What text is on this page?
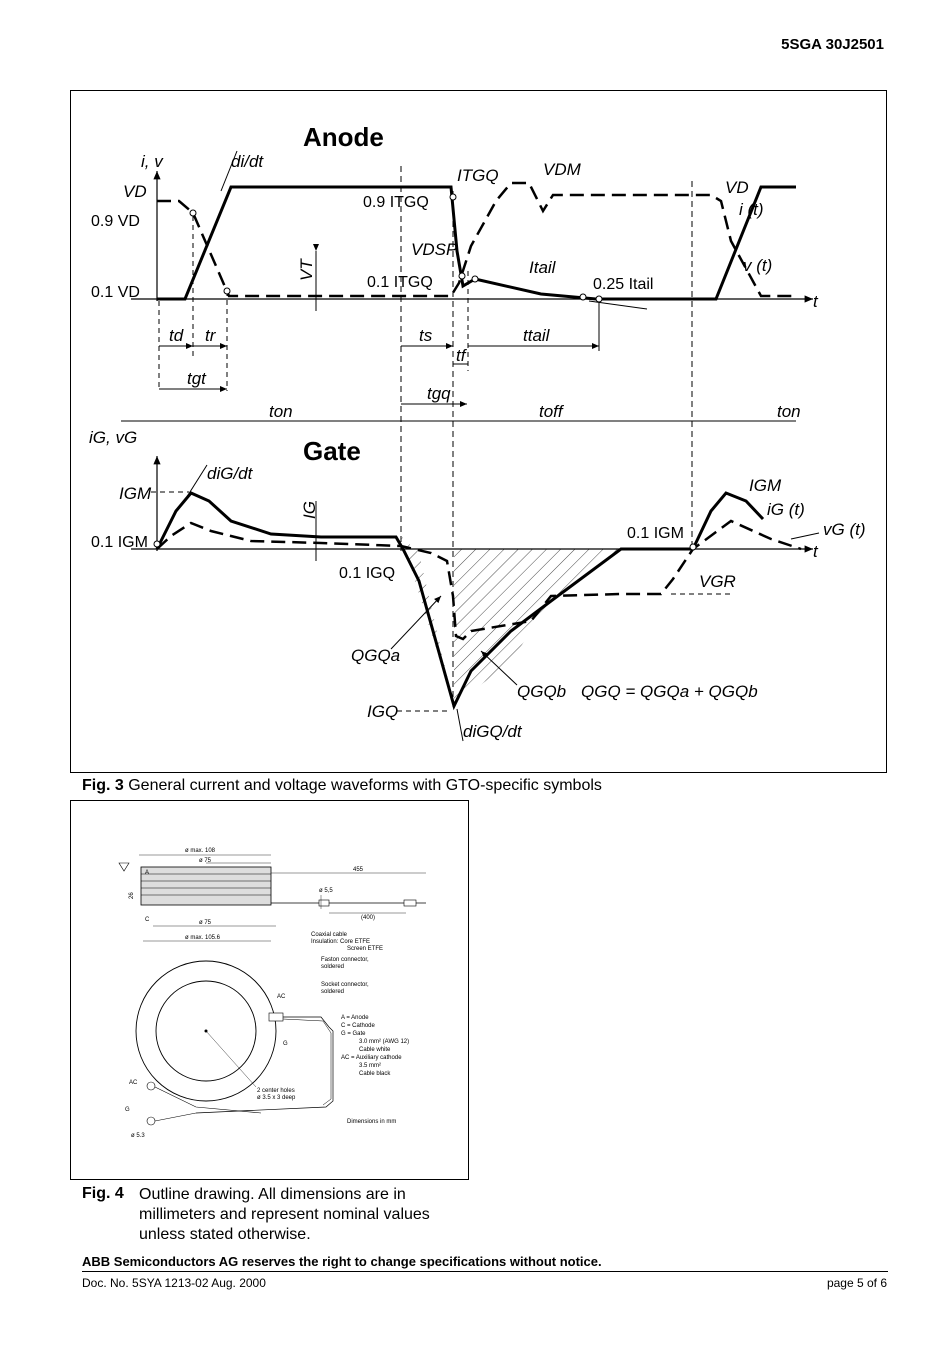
5SGA 30J2501
Anode
Gate
i, v
t
di/dt
VD
0.9 VD
0.1 VD
VT
ITGQ	VDM
0.9 ITGQ
VDSP
0.1 ITGQ
Itail
0.25 Itail
VD
i (t)
v (t)
td tr	ts	ttail
tf
tgt
tgq
ton	toff	ton
iG, vG
t
diG/dt
IGM
0.1 IGM
IG
0.1 IGQ
QGQa
QGQb QGQ = QGQa + QGQb
IGQ
diGQ/dt
VGR
0.1 IGM
IGM
iG (t)
vG (t)
Fig. 3 General current and voltage waveforms with GTO-specific symbols
ø max. 108
ø 75
455
ø 5,5
(400)
26
A
C	ø 75
ø max. 105.6	Coaxial cable
Insulation: Core ETFE
Screen ETFE
Faston connector,
soldered
Socket connector,
soldered
AC
G
AC
G
ø 5.3
2 center holes
ø 3.5 x 3 deep
Dimensions in mm
A = Anode
C = Cathode
G = Gate
3.0 mm² (AWG 12)
Cable white
AC = Auxiliary cathode
3.5 mm²
Cable black
Fig. 4 Outline drawing. All dimensions are in millimeters and represent nominal values unless stated otherwise.
ABB Semiconductors AG reserves the right to change specifications without notice.
Doc. No. 5SYA 1213-02 Aug. 2000	page 5 of 6
